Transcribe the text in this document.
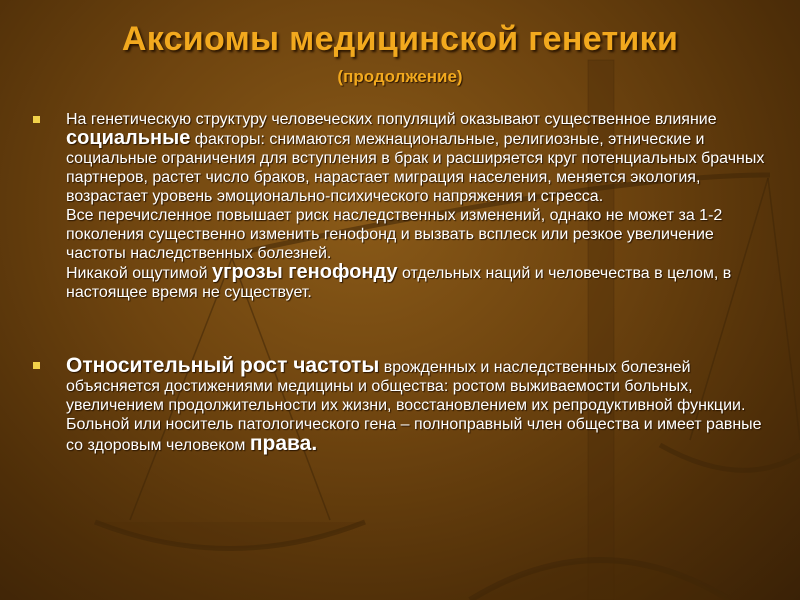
Аксиомы медицинской генетики
(продолжение)
На генетическую структуру человеческих популяций оказывают существенное влияние социальные факторы: снимаются межнациональные, религиозные, этнические и социальные ограничения для вступления в брак и расширяется круг потенциальных брачных партнеров, растет число браков, нарастает миграция населения, меняется экология, возрастает уровень эмоционально-психического напряжения и стресса.
Все перечисленное повышает риск наследственных изменений, однако не может за 1-2 поколения существенно изменить генофонд и вызвать всплеск или резкое увеличение частоты наследственных болезней.
Никакой ощутимой угрозы генофонду отдельных наций и человечества в целом, в настоящее время не существует.
Относительный рост частоты врожденных и наследственных болезней объясняется достижениями медицины и общества: ростом выживаемости больных, увеличением продолжительности их жизни, восстановлением их репродуктивной функции.
Больной или носитель патологического гена – полноправный член общества и имеет равные со здоровым человеком права.
